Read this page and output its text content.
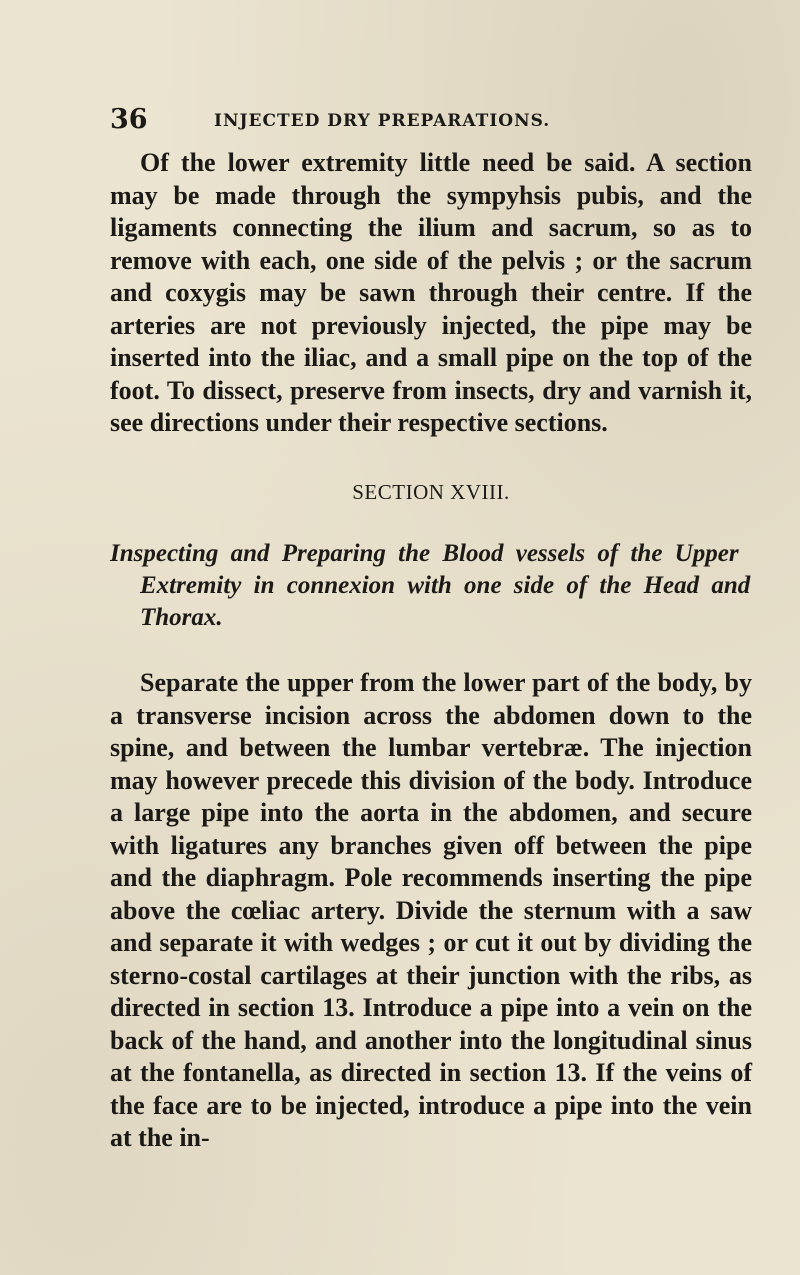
36	INJECTED DRY PREPARATIONS.

Of the lower extremity little need be said. A section may be made through the sympyhsis pubis, and the ligaments connecting the ilium and sacrum, so as to remove with each, one side of the pelvis ; or the sacrum and coxygis may be sawn through their centre. If the arteries are not previously injected, the pipe may be inserted into the iliac, and a small pipe on the top of the foot. To dissect, preserve from insects, dry and varnish it, see directions under their respective sections.

SECTION XVIII.

Inspecting and Preparing the Blood vessels of the Upper Extremity in connexion with one side of the Head and Thorax.

Separate the upper from the lower part of the body, by a transverse incision across the abdomen down to the spine, and between the lumbar vertebræ. The injection may however precede this division of the body. Introduce a large pipe into the aorta in the abdomen, and secure with ligatures any branches given off between the pipe and the diaphragm. Pole recommends inserting the pipe above the cœliac artery. Divide the sternum with a saw and separate it with wedges ; or cut it out by dividing the sterno-costal cartilages at their junction with the ribs, as directed in section 13. Introduce a pipe into a vein on the back of the hand, and another into the longitudinal sinus at the fontanella, as directed in section 13. If the veins of the face are to be injected, introduce a pipe into the vein at the in-
